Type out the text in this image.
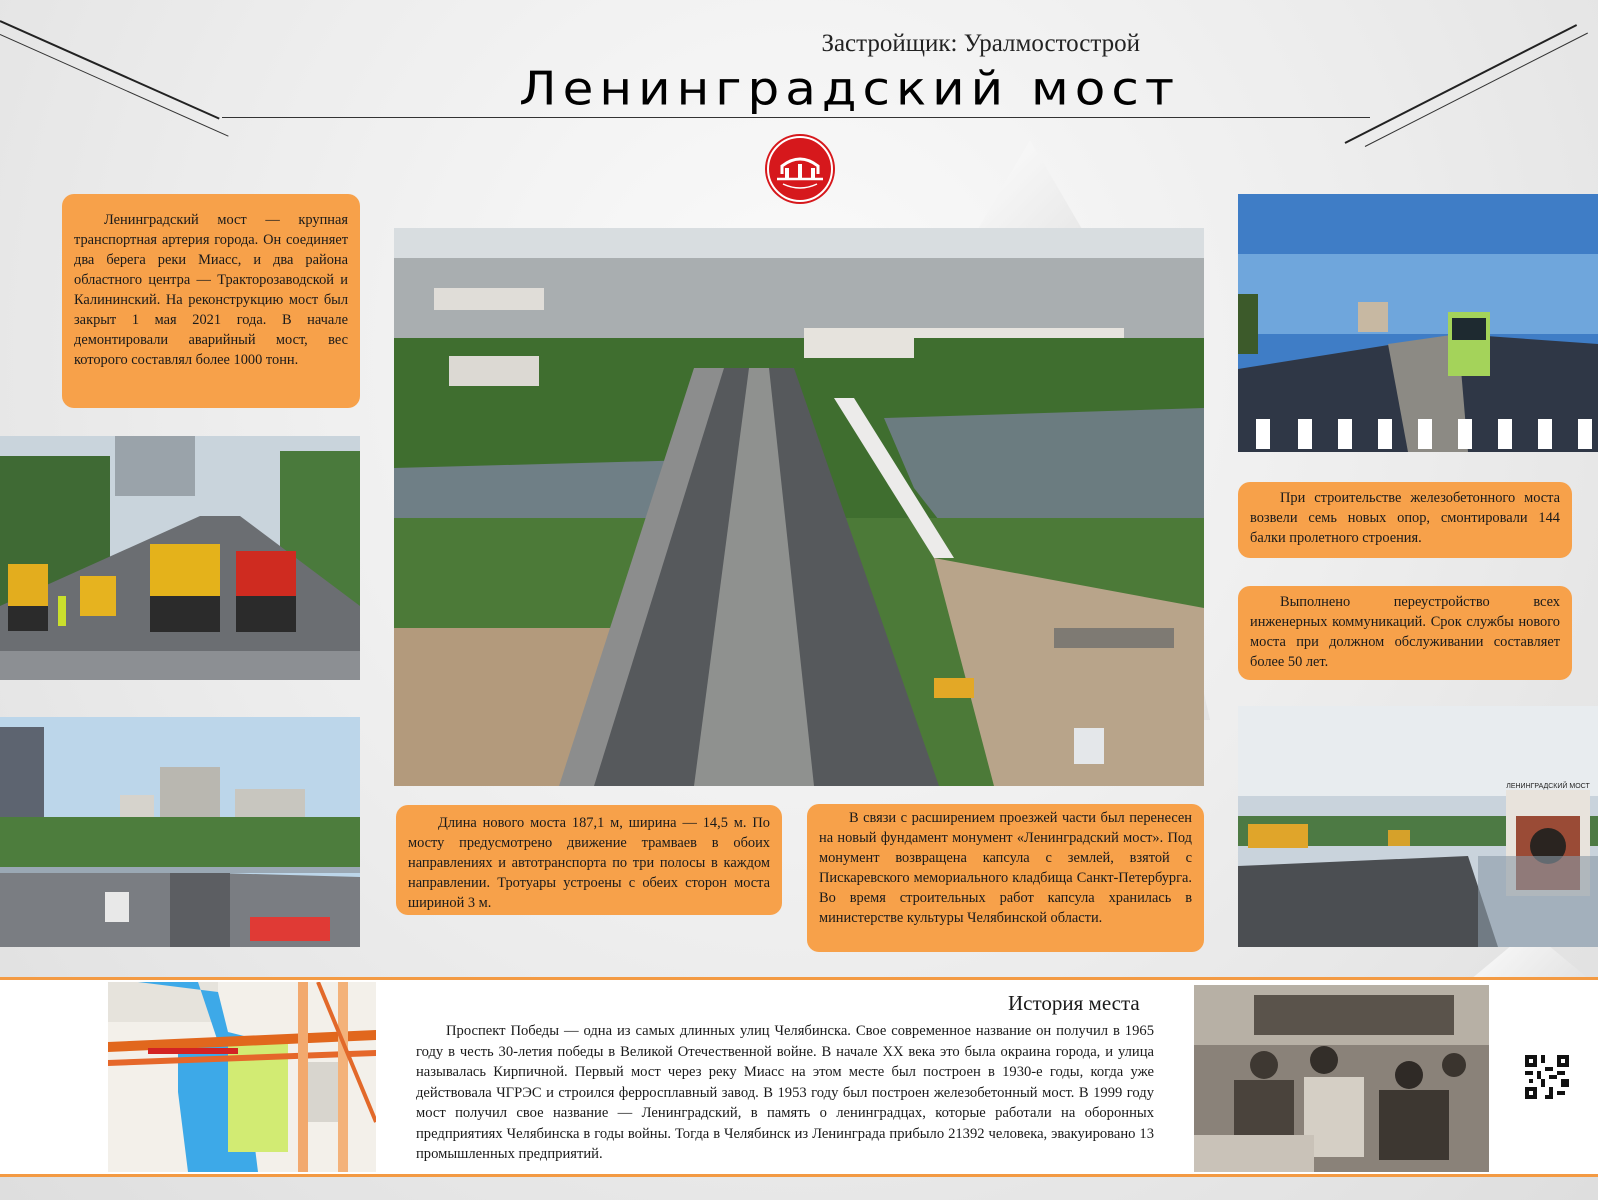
Застройщик: Уралмостострой
Ленинградский мост
ЛЕНИНГРАДСКИЙ МОСТ

Ленинградский мост — крупная транспортная артерия города. Он соединяет два берега реки Миасс, и два района областного центра — Тракторозаводской и Калининский. На реконструкцию мост был закрыт 1 мая 2021 года. В начале демонтировали аварийный мост, вес которого составлял более 1000 тонн.

Длина нового моста 187,1 м, ширина — 14,5 м. По мосту предусмотрено движение трамваев в обоих направлениях и автотранспорта по три полосы в каждом направлении. Тротуары устроены с обеих сторон моста шириной 3 м.

В связи с расширением проезжей части был перенесен на новый фундамент монумент «Ленинградский мост». Под монумент возвращена капсула с землей, взятой с Пискаревского мемориального кладбища Санкт-Петербурга. Во время строительных работ капсула хранилась в министерстве культуры Челябинской области.

При строительстве железобетонного моста возвели семь новых опор, смонтировали 144 балки пролетного строения.

Выполнено переустройство всех инженерных коммуникаций. Срок службы нового моста при должном обслуживании составляет более 50 лет.

История места

Проспект Победы — одна из самых длинных улиц Челябинска. Свое современное название он получил в 1965 году в честь 30-летия победы в Великой Отечественной войне. В начале XX века это была окраина города, и улица называлась Кирпичной. Первый мост через реку Миасс на этом месте был построен в 1930-е годы, когда уже действовала ЧГРЭС и строился ферросплавный завод. В 1953 году был построен железобетонный мост. В 1999 году мост получил свое название — Ленинградский, в память о ленинградцах, которые работали на оборонных предприятиях Челябинска в годы войны. Тогда в Челябинск из Ленинграда прибыло 21392 человека, эвакуировано 13 промышленных предприятий.
